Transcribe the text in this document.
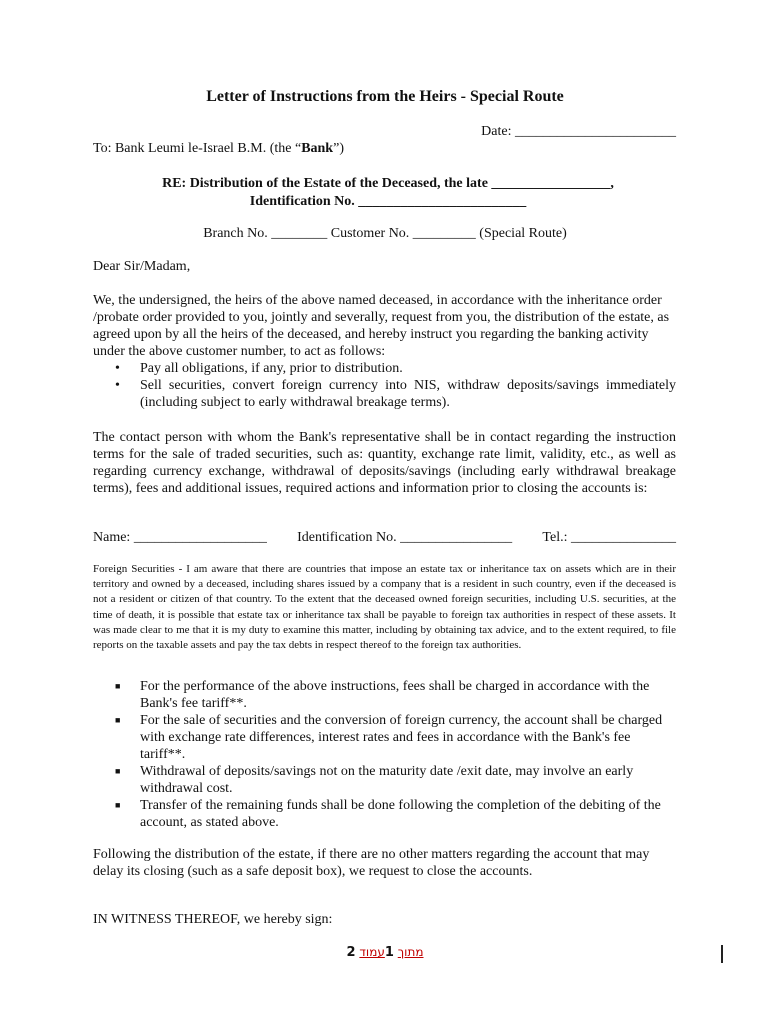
Letter of Instructions from the Heirs - Special Route
Date: _______________________
To: Bank Leumi le-Israel B.M. (the “Bank”)
RE: Distribution of the Estate of the Deceased, the late _________________,
Identification No. ________________________
Branch No. ________ Customer No. _________ (Special Route)
Dear Sir/Madam,
We, the undersigned, the heirs of the above named deceased, in accordance with the inheritance order /probate order provided to you, jointly and severally, request from you, the distribution of the estate, as agreed upon by all the heirs of the deceased, and hereby instruct you regarding the banking activity under the above customer number, to act as follows:
• Pay all obligations, if any, prior to distribution.
• Sell securities, convert foreign currency into NIS, withdraw deposits/savings immediately (including subject to early withdrawal breakage terms).
The contact person with whom the Bank's representative shall be in contact regarding the instruction terms for the sale of traded securities, such as: quantity, exchange rate limit, validity, etc., as well as regarding currency exchange, withdrawal of deposits/savings (including early withdrawal breakage terms), fees and additional issues, required actions and information prior to closing the accounts is:
Name: ___________________ Identification No. ________________ Tel.: _______________
Foreign Securities - I am aware that there are countries that impose an estate tax or inheritance tax on assets which are in their territory and owned by a deceased, including shares issued by a company that is a resident in such country, even if the deceased is not a resident or citizen of that country. To the extent that the deceased owned foreign securities, including U.S. securities, at the time of death, it is possible that estate tax or inheritance tax shall be payable to foreign tax authorities in respect of these assets. It was made clear to me that it is my duty to examine this matter, including by obtaining tax advice, and to the extent required, to file reports on the taxable assets and pay the tax debts in respect thereof to the foreign tax authorities.
■ For the performance of the above instructions, fees shall be charged in accordance with the Bank's fee tariff**.
■ For the sale of securities and the conversion of foreign currency, the account shall be charged with exchange rate differences, interest rates and fees in accordance with the Bank's fee tariff**.
■ Withdrawal of deposits/savings not on the maturity date /exit date, may involve an early withdrawal cost.
■ Transfer of the remaining funds shall be done following the completion of the debiting of the account, as stated above.
Following the distribution of the estate, if there are no other matters regarding the account that may delay its closing (such as a safe deposit box), we request to close the accounts.
IN WITNESS THEREOF, we hereby sign:
2	מתוך 1עמוד
